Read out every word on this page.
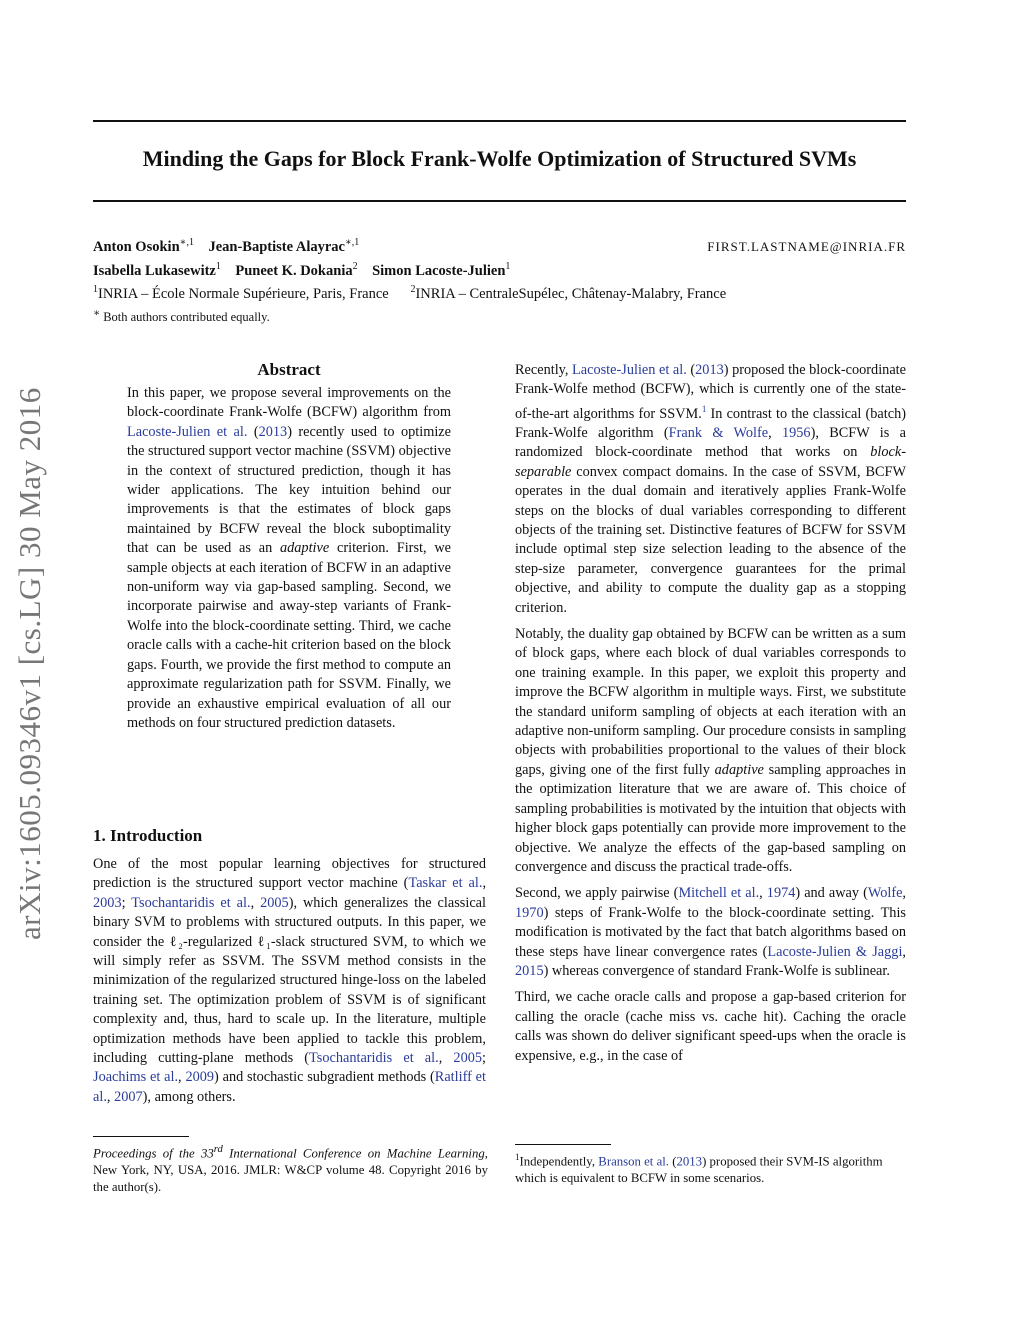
Minding the Gaps for Block Frank-Wolfe Optimization of Structured SVMs
Anton Osokin$^{∗,1}$ Jean-Baptiste Alayrac$^{∗,1}$	FIRST.LASTNAME@INRIA.FR
Isabella Lukasewitz$^1$ Puneet K. Dokania$^2$ Simon Lacoste-Julien$^1$
$^1$INRIA – École Normale Supérieure, Paris, France $^2$INRIA – CentraleSupélec, Châtenay-Malabry, France
∗ Both authors contributed equally.
arXiv:1605.09346v1 [cs.LG] 30 May 2016
Abstract
In this paper, we propose several improvements on the block-coordinate Frank-Wolfe (BCFW) algorithm from Lacoste-Julien et al. (2013) recently used to optimize the structured support vector machine (SSVM) objective in the context of structured prediction, though it has wider applications. The key intuition behind our improvements is that the estimates of block gaps maintained by BCFW reveal the block suboptimality that can be used as an adaptive criterion. First, we sample objects at each iteration of BCFW in an adaptive non-uniform way via gap-based sampling. Second, we incorporate pairwise and away-step variants of Frank-Wolfe into the block-coordinate setting. Third, we cache oracle calls with a cache-hit criterion based on the block gaps. Fourth, we provide the first method to compute an approximate regularization path for SSVM. Finally, we provide an exhaustive empirical evaluation of all our methods on four structured prediction datasets.
1. Introduction
One of the most popular learning objectives for structured prediction is the structured support vector machine (Taskar et al., 2003; Tsochantaridis et al., 2005), which generalizes the classical binary SVM to problems with structured outputs. In this paper, we consider the ℓ₂-regularized ℓ₁-slack structured SVM, to which we will simply refer as SSVM. The SSVM method consists in the minimization of the regularized structured hinge-loss on the labeled training set. The optimization problem of SSVM is of significant complexity and, thus, hard to scale up. In the literature, multiple optimization methods have been applied to tackle this problem, including cutting-plane methods (Tsochantaridis et al., 2005; Joachims et al., 2009) and stochastic subgradient methods (Ratliff et al., 2007), among others.

Recently, Lacoste-Julien et al. (2013) proposed the block-coordinate Frank-Wolfe method (BCFW), which is currently one of the state-of-the-art algorithms for SSVM.$^1$ In contrast to the classical (batch) Frank-Wolfe algorithm (Frank & Wolfe, 1956), BCFW is a randomized block-coordinate method that works on block-separable convex compact domains. In the case of SSVM, BCFW operates in the dual domain and iteratively applies Frank-Wolfe steps on the blocks of dual variables corresponding to different objects of the training set. Distinctive features of BCFW for SSVM include optimal step size selection leading to the absence of the step-size parameter, convergence guarantees for the primal objective, and ability to compute the duality gap as a stopping criterion.

Notably, the duality gap obtained by BCFW can be written as a sum of block gaps, where each block of dual variables corresponds to one training example. In this paper, we exploit this property and improve the BCFW algorithm in multiple ways. First, we substitute the standard uniform sampling of objects at each iteration with an adaptive non-uniform sampling. Our procedure consists in sampling objects with probabilities proportional to the values of their block gaps, giving one of the first fully adaptive sampling approaches in the optimization literature that we are aware of. This choice of sampling probabilities is motivated by the intuition that objects with higher block gaps potentially can provide more improvement to the objective. We analyze the effects of the gap-based sampling on convergence and discuss the practical trade-offs.

Second, we apply pairwise (Mitchell et al., 1974) and away (Wolfe, 1970) steps of Frank-Wolfe to the block-coordinate setting. This modification is motivated by the fact that batch algorithms based on these steps have linear convergence rates (Lacoste-Julien & Jaggi, 2015) whereas convergence of standard Frank-Wolfe is sublinear.

Third, we cache oracle calls and propose a gap-based criterion for calling the oracle (cache miss vs. cache hit). Caching the oracle calls was shown do deliver significant speed-ups when the oracle is expensive, e.g., in the case of

Proceedings of the 33rd International Conference on Machine Learning, New York, NY, USA, 2016. JMLR: W&CP volume 48. Copyright 2016 by the author(s).
$^1$Independently, Branson et al. (2013) proposed their SVM-IS algorithm which is equivalent to BCFW in some scenarios.
